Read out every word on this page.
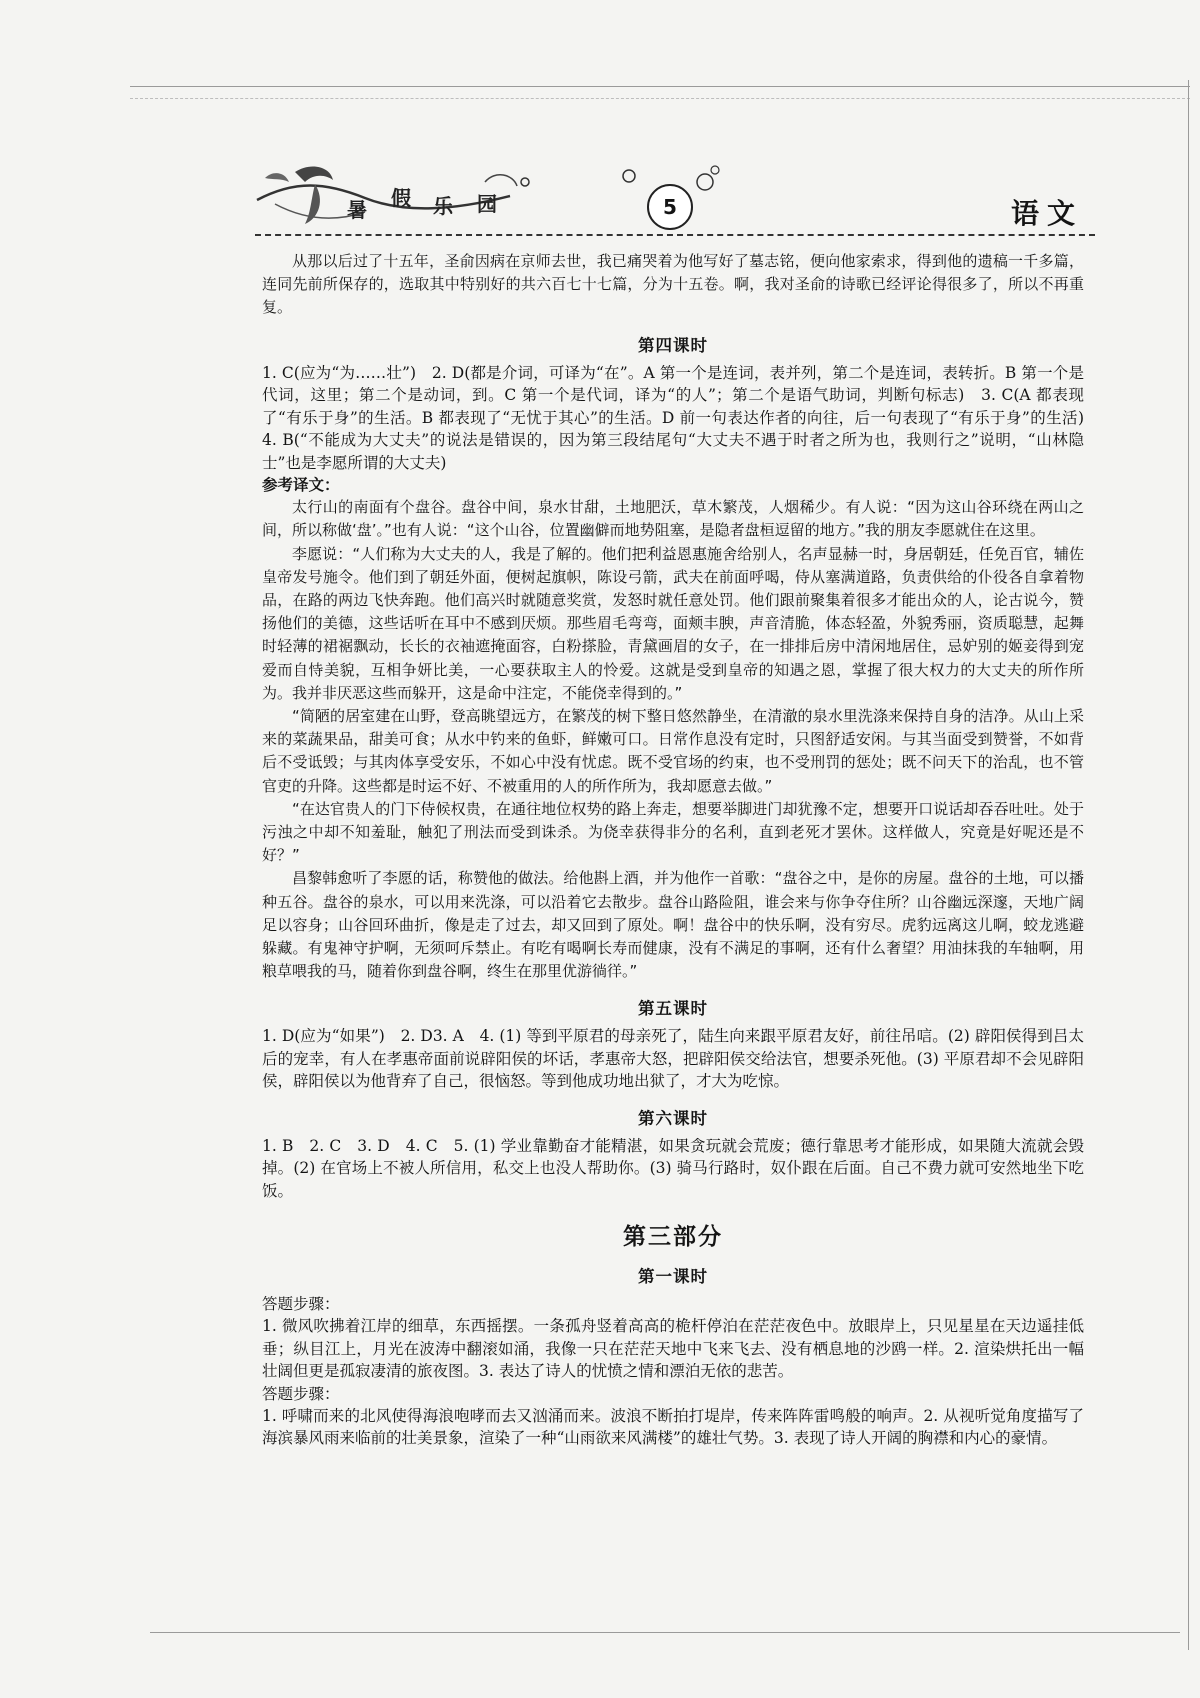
暑 假 乐 园	5	语文

从那以后过了十五年，圣俞因病在京师去世，我已痛哭着为他写好了墓志铭，便向他家索求，得到他的遗稿一千多篇，连同先前所保存的，选取其中特别好的共六百七十七篇，分为十五卷。啊，我对圣俞的诗歌已经评论得很多了，所以不再重复。

第四课时

1. C(应为“为……壮”)　2. D(都是介词，可译为“在”。A 第一个是连词，表并列，第二个是连词，表转折。B 第一个是代词，这里；第二个是动词，到。C 第一个是代词，译为“的人”；第二个是语气助词，判断句标志)　3. C(A 都表现了“有乐于身”的生活。B 都表现了“无忧于其心”的生活。D 前一句表达作者的向往，后一句表现了“有乐于身”的生活)　4. B(“不能成为大丈夫”的说法是错误的，因为第三段结尾句“大丈夫不遇于时者之所为也，我则行之”说明，“山林隐士”也是李愿所谓的大丈夫)

参考译文：

太行山的南面有个盘谷。盘谷中间，泉水甘甜，土地肥沃，草木繁茂，人烟稀少。有人说：“因为这山谷环绕在两山之间，所以称做‘盘’。”也有人说：“这个山谷，位置幽僻而地势阻塞，是隐者盘桓逗留的地方。”我的朋友李愿就住在这里。

李愿说：“人们称为大丈夫的人，我是了解的。他们把利益恩惠施舍给别人，名声显赫一时，身居朝廷，任免百官，辅佐皇帝发号施令。他们到了朝廷外面，便树起旗帜，陈设弓箭，武夫在前面呼喝，侍从塞满道路，负责供给的仆役各自拿着物品，在路的两边飞快奔跑。他们高兴时就随意奖赏，发怒时就任意处罚。他们跟前聚集着很多才能出众的人，论古说今，赞扬他们的美德，这些话听在耳中不感到厌烦。那些眉毛弯弯，面颊丰腴，声音清脆，体态轻盈，外貌秀丽，资质聪慧，起舞时轻薄的裙裾飘动，长长的衣袖遮掩面容，白粉搽脸，青黛画眉的女子，在一排排后房中清闲地居住，忌妒别的姬妾得到宠爱而自恃美貌，互相争妍比美，一心要获取主人的怜爱。这就是受到皇帝的知遇之恩，掌握了很大权力的大丈夫的所作所为。我并非厌恶这些而躲开，这是命中注定，不能侥幸得到的。”

“简陋的居室建在山野，登高眺望远方，在繁茂的树下整日悠然静坐，在清澈的泉水里洗涤来保持自身的洁净。从山上采来的菜蔬果品，甜美可食；从水中钓来的鱼虾，鲜嫩可口。日常作息没有定时，只图舒适安闲。与其当面受到赞誉，不如背后不受诋毁；与其肉体享受安乐，不如心中没有忧虑。既不受官场的约束，也不受刑罚的惩处；既不问天下的治乱，也不管官吏的升降。这些都是时运不好、不被重用的人的所作所为，我却愿意去做。”

“在达官贵人的门下侍候权贵，在通往地位权势的路上奔走，想要举脚进门却犹豫不定，想要开口说话却吞吞吐吐。处于污浊之中却不知羞耻，触犯了刑法而受到诛杀。为侥幸获得非分的名利，直到老死才罢休。这样做人，究竟是好呢还是不好？”

昌黎韩愈听了李愿的话，称赞他的做法。给他斟上酒，并为他作一首歌：“盘谷之中，是你的房屋。盘谷的土地，可以播种五谷。盘谷的泉水，可以用来洗涤，可以沿着它去散步。盘谷山路险阻，谁会来与你争夺住所？山谷幽远深邃，天地广阔足以容身；山谷回环曲折，像是走了过去，却又回到了原处。啊！盘谷中的快乐啊，没有穷尽。虎豹远离这儿啊，蛟龙逃避躲藏。有鬼神守护啊，无须呵斥禁止。有吃有喝啊长寿而健康，没有不满足的事啊，还有什么奢望？用油抹我的车轴啊，用粮草喂我的马，随着你到盘谷啊，终生在那里优游徜徉。”

第五课时

1. D(应为“如果”)　2. D3. A　4. (1) 等到平原君的母亲死了，陆生向来跟平原君友好，前往吊唁。(2) 辟阳侯得到吕太后的宠幸，有人在孝惠帝面前说辟阳侯的坏话，孝惠帝大怒，把辟阳侯交给法官，想要杀死他。(3) 平原君却不会见辟阳侯，辟阳侯以为他背弃了自己，很恼怒。等到他成功地出狱了，才大为吃惊。

第六课时

1. B　2. C　3. D　4. C　5. (1) 学业靠勤奋才能精湛，如果贪玩就会荒废；德行靠思考才能形成，如果随大流就会毁掉。(2) 在官场上不被人所信用，私交上也没人帮助你。(3) 骑马行路时，奴仆跟在后面。自己不费力就可安然地坐下吃饭。

第三部分
第一课时

答题步骤：

1. 微风吹拂着江岸的细草，东西摇摆。一条孤舟竖着高高的桅杆停泊在茫茫夜色中。放眼岸上，只见星星在天边遥挂低垂；纵目江上，月光在波涛中翻滚如涌，我像一只在茫茫天地中飞来飞去、没有栖息地的沙鸥一样。2. 渲染烘托出一幅壮阔但更是孤寂凄清的旅夜图。3. 表达了诗人的忧愤之情和漂泊无依的悲苦。

答题步骤：

1. 呼啸而来的北风使得海浪咆哮而去又汹涌而来。波浪不断拍打堤岸，传来阵阵雷鸣般的响声。2. 从视听觉角度描写了海滨暴风雨来临前的壮美景象，渲染了一种“山雨欲来风满楼”的雄壮气势。3. 表现了诗人开阔的胸襟和内心的豪情。
